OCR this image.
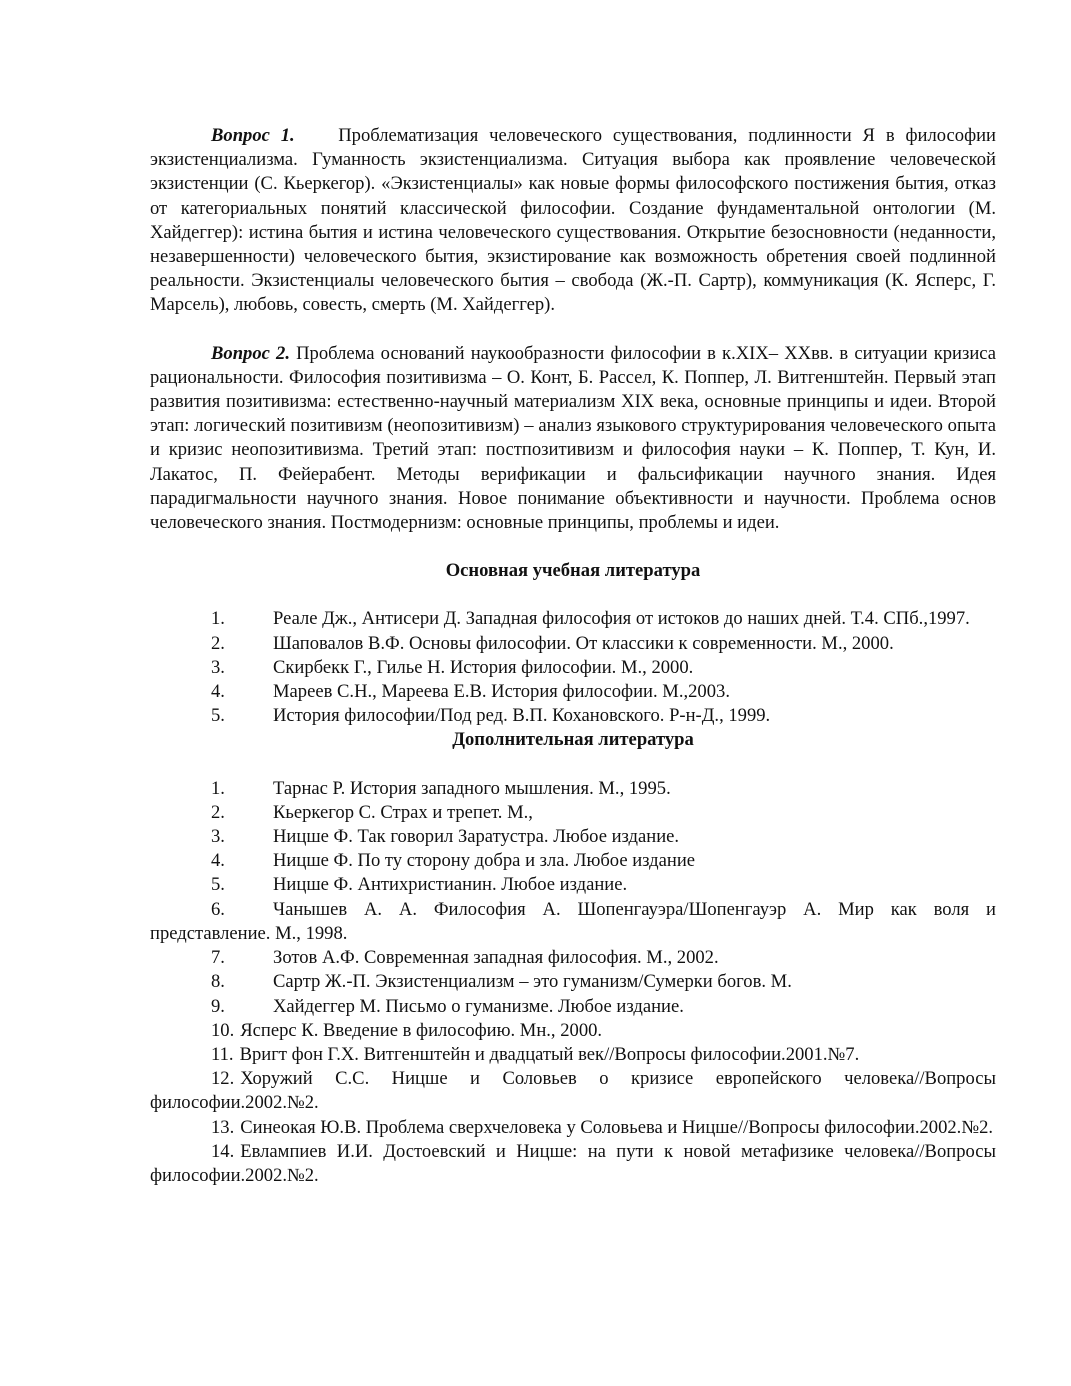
Вопрос 1. Проблематизация человеческого существования, подлинности Я в философии экзистенциализма. Гуманность экзистенциализма. Ситуация выбора как проявление человеческой экзистенции (С. Кьеркегор). «Экзистенциалы» как новые формы философского постижения бытия, отказ от категориальных понятий классической философии. Создание фундаментальной онтологии (М. Хайдеггер): истина бытия и истина человеческого существования. Открытие безосновности (неданности, незавершенности) человеческого бытия, экзистирование как возможность обретения своей подлинной реальности. Экзистенциалы человеческого бытия – свобода (Ж.-П. Сартр), коммуникация (К. Ясперс, Г. Марсель), любовь, совесть, смерть (М. Хайдеггер).

Вопрос 2. Проблема оснований наукообразности философии в к.XIX– XXвв. в ситуации кризиса рациональности. Философия позитивизма – О. Конт, Б. Рассел, К. Поппер, Л. Витгенштейн. Первый этап развития позитивизма: естественно-научный материализм XIX века, основные принципы и идеи. Второй этап: логический позитивизм (неопозитивизм) – анализ языкового структурирования человеческого опыта и кризис неопозитивизма. Третий этап: постпозитивизм и философия науки – К. Поппер, Т. Кун, И. Лакатос, П. Фейерабент. Методы верификации и фальсификации научного знания. Идея парадигмальности научного знания. Новое понимание объективности и научности. Проблема основ человеческого знания. Постмодернизм: основные принципы, проблемы и идеи.

Основная учебная литература

1.	Реале Дж., Антисери Д. Западная философия от истоков до наших дней. Т.4. СПб.,1997.
2.	Шаповалов В.Ф. Основы философии. От классики к современности. М., 2000.
3.	Скирбекк Г., Гилье Н. История философии. М., 2000.
4.	Мареев С.Н., Мареева Е.В. История философии. М.,2003.
5.	История философии/Под ред. В.П. Кохановского. Р-н-Д., 1999.

Дополнительная литература

1.	Тарнас Р. История западного мышления. М., 1995.
2.	Кьеркегор С. Страх и трепет. М.,
3.	Ницше Ф. Так говорил Заратустра. Любое издание.
4.	Ницше Ф. По ту сторону добра и зла. Любое издание
5.	Ницше Ф. Антихристианин. Любое издание.
6.	Чанышев А. А. Философия А. Шопенгауэра/Шопенгауэр А. Мир как воля и представление. М., 1998.
7.	Зотов А.Ф. Современная западная философия. М., 2002.
8.	Сартр Ж.-П. Экзистенциализм – это гуманизм/Сумерки богов. М.
9.	Хайдеггер М. Письмо о гуманизме. Любое издание.
10. Ясперс К. Введение в философию. Мн., 2000.
11. Вригт фон Г.Х. Витгенштейн и двадцатый век//Вопросы философии.2001.№7.
12. Хоружий С.С. Ницше и Соловьев о кризисе европейского человека//Вопросы философии.2002.№2.
13. Синеокая Ю.В. Проблема сверхчеловека у Соловьева и Ницше//Вопросы философии.2002.№2.
14. Евлампиев И.И. Достоевский и Ницше: на пути к новой метафизике человека//Вопросы философии.2002.№2.
